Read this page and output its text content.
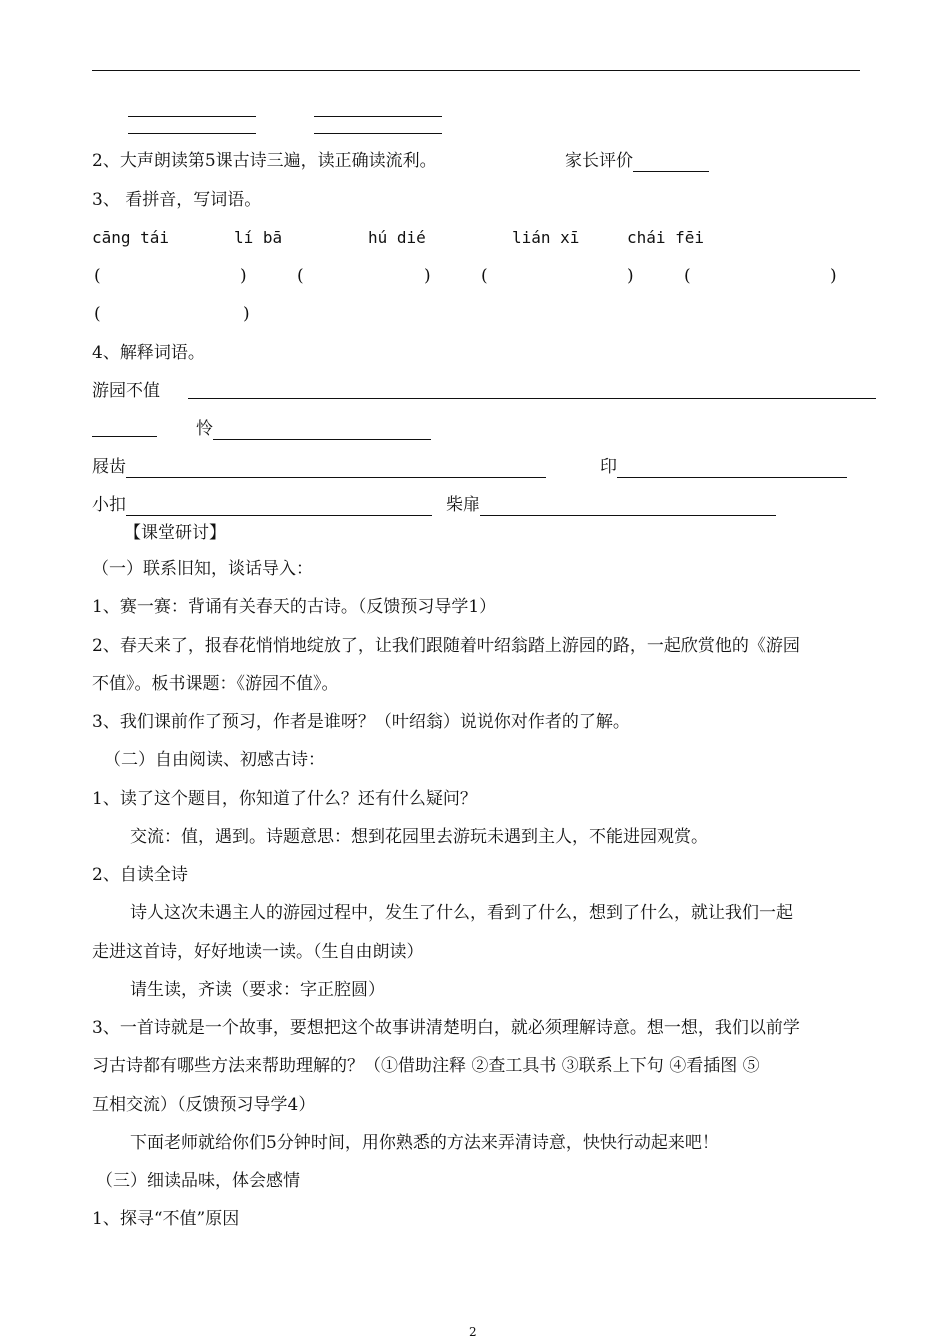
2、大声朗读第5课古诗三遍，读正确读流利。	家长评价
3、 看拼音，写词语。
cāng tái	lí bā	hú dié	lián xī	chái fēi
(	)	(	)	(	)	(	)
(	)
4、解释词语。
游园不值
怜
屐齿	印
小扣	柴扉
【课堂研讨】
（一）联系旧知，谈话导入：
1、赛一赛：背诵有关春天的古诗。（反馈预习导学1）
2、春天来了，报春花悄悄地绽放了，让我们跟随着叶绍翁踏上游园的路，一起欣赏他的《游园
不值》。板书课题：《游园不值》。
3、我们课前作了预习，作者是谁呀？（叶绍翁）说说你对作者的了解。
（二）自由阅读、初感古诗：
1、读了这个题目，你知道了什么？还有什么疑问？
交流：值，遇到。诗题意思：想到花园里去游玩未遇到主人，不能进园观赏。
2、自读全诗
诗人这次未遇主人的游园过程中，发生了什么，看到了什么，想到了什么，就让我们一起
走进这首诗，好好地读一读。（生自由朗读）
请生读，齐读（要求：字正腔圆）
3、一首诗就是一个故事，要想把这个故事讲清楚明白，就必须理解诗意。想一想，我们以前学
习古诗都有哪些方法来帮助理解的？（①借助注释 ②查工具书 ③联系上下句 ④看插图 ⑤
互相交流）（反馈预习导学4）
下面老师就给你们5分钟时间，用你熟悉的方法来弄清诗意，快快行动起来吧！
（三）细读品味，体会感情
1、探寻“不值”原因
2
